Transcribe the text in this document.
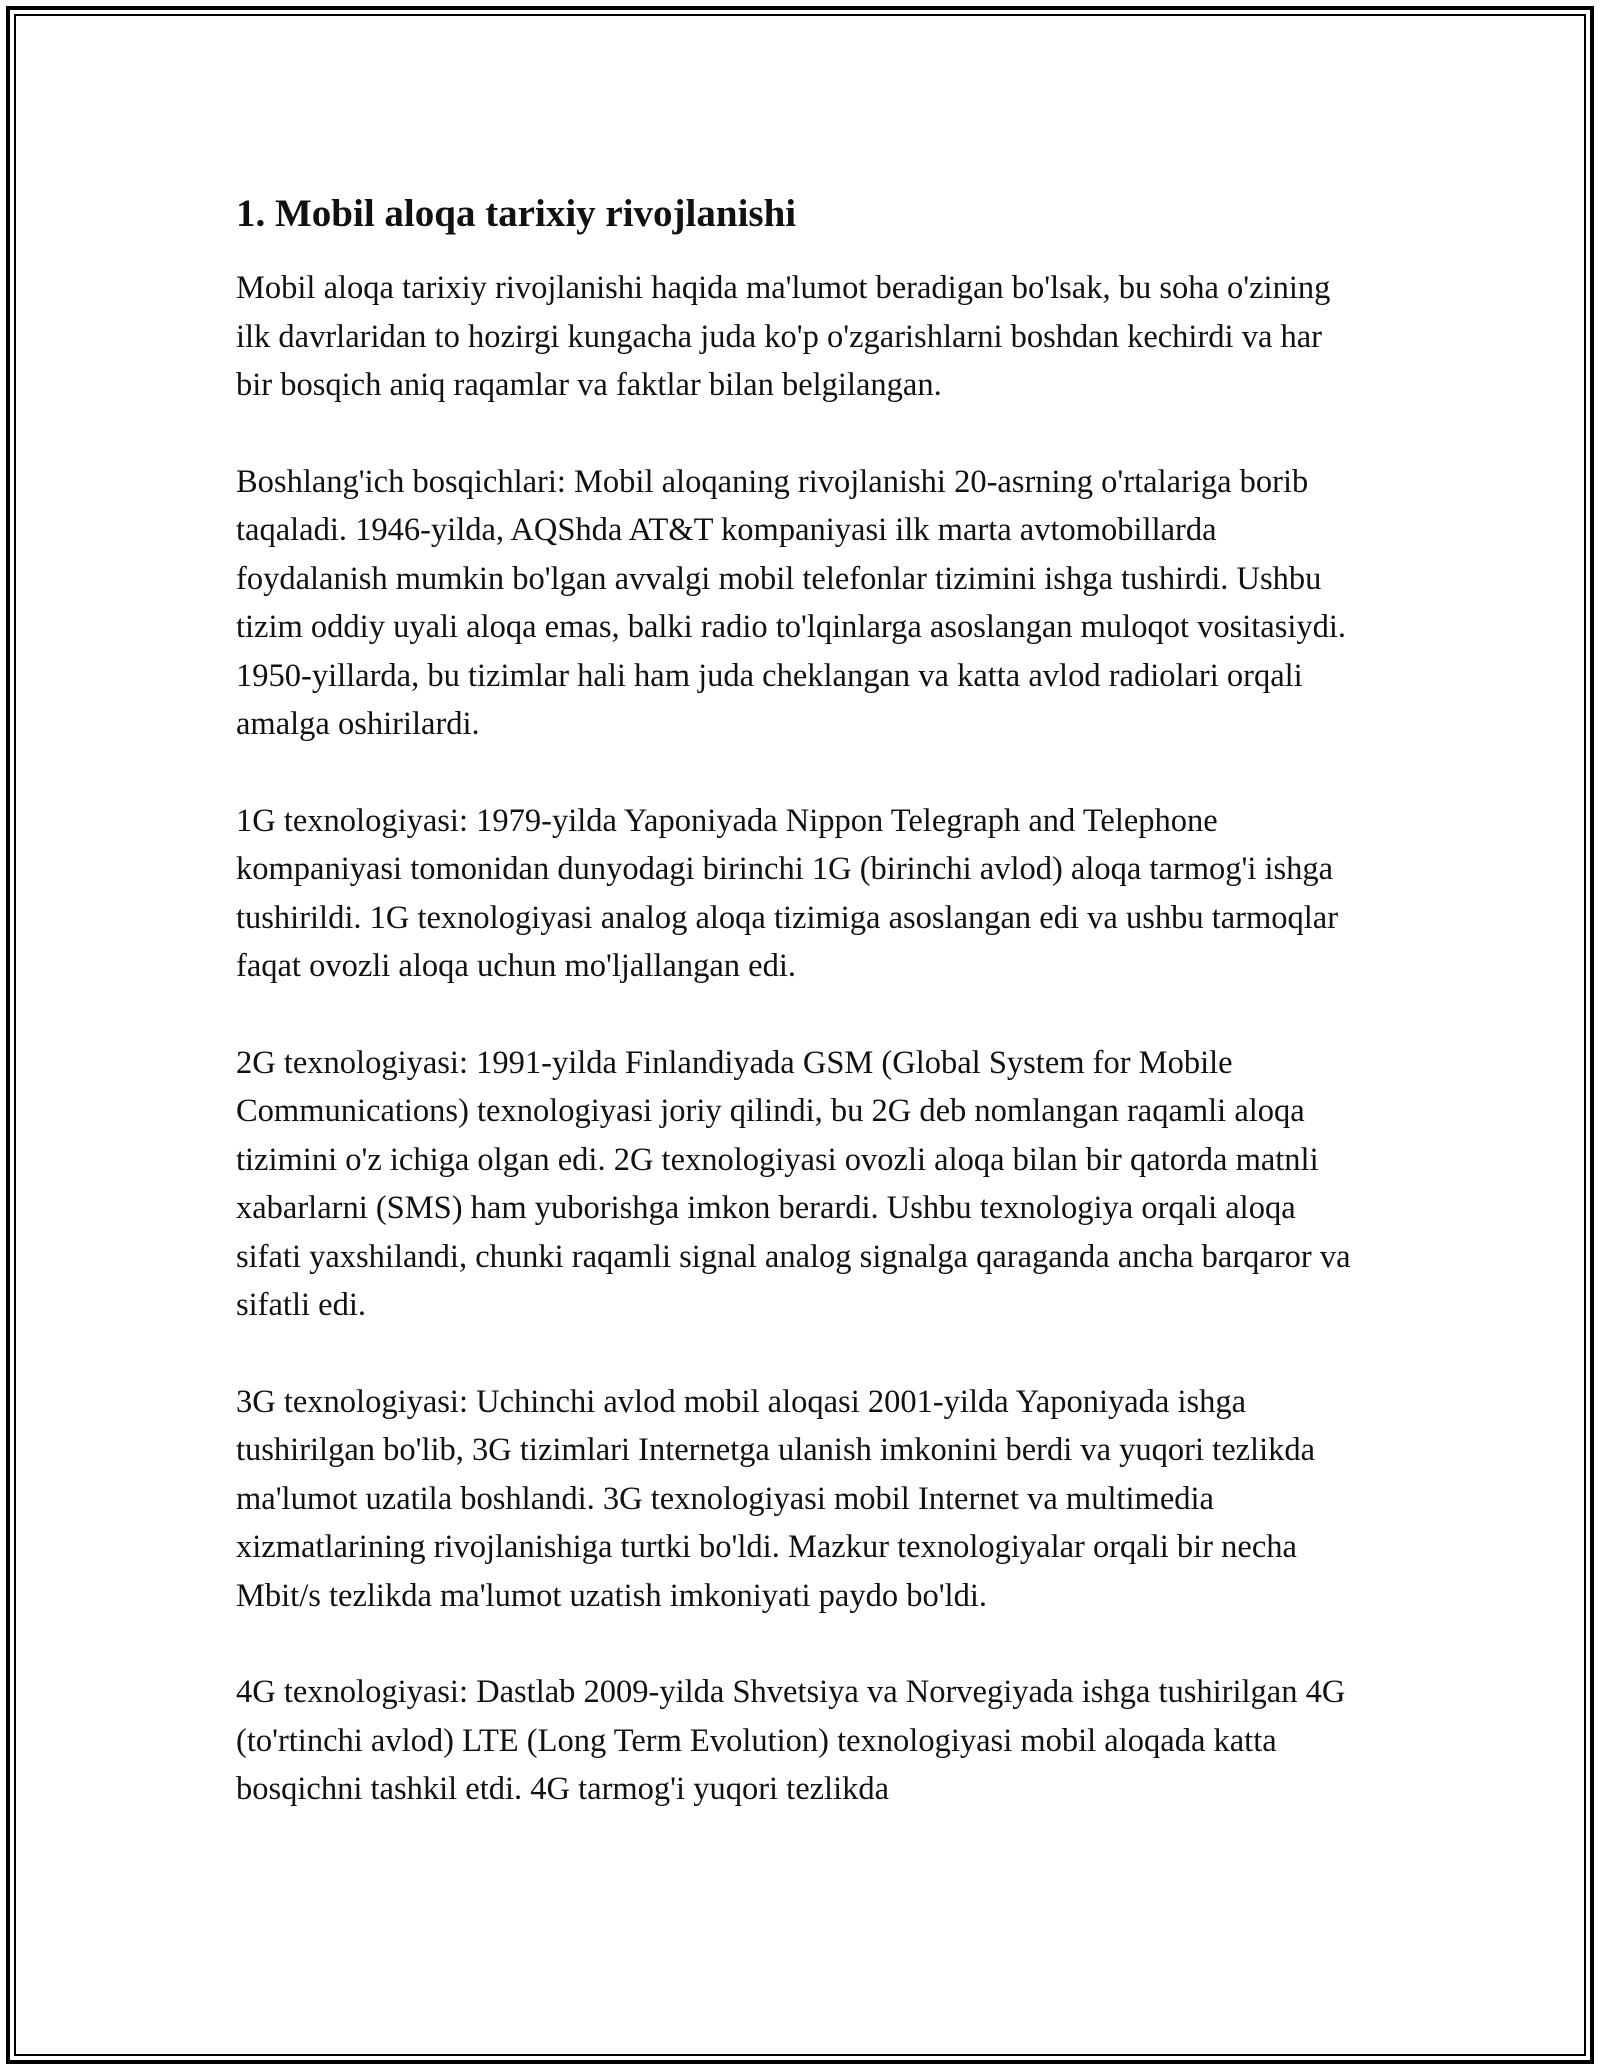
1. Mobil aloqa tarixiy rivojlanishi

Mobil aloqa tarixiy rivojlanishi haqida ma'lumot beradigan bo'lsak, bu soha o'zining ilk davrlaridan to hozirgi kungacha juda ko'p o'zgarishlarni boshdan kechirdi va har bir bosqich aniq raqamlar va faktlar bilan belgilangan.

Boshlang'ich bosqichlari: Mobil aloqaning rivojlanishi 20-asrning o'rtalariga borib taqaladi. 1946-yilda, AQShda AT&T kompaniyasi ilk marta avtomobillarda foydalanish mumkin bo'lgan avvalgi mobil telefonlar tizimini ishga tushirdi. Ushbu tizim oddiy uyali aloqa emas, balki radio to'lqinlarga asoslangan muloqot vositasiydi. 1950-yillarda, bu tizimlar hali ham juda cheklangan va katta avlod radiolari orqali amalga oshirilardi.

1G texnologiyasi: 1979-yilda Yaponiyada Nippon Telegraph and Telephone kompaniyasi tomonidan dunyodagi birinchi 1G (birinchi avlod) aloqa tarmog'i ishga tushirildi. 1G texnologiyasi analog aloqa tizimiga asoslangan edi va ushbu tarmoqlar faqat ovozli aloqa uchun mo'ljallangan edi.

2G texnologiyasi: 1991-yilda Finlandiyada GSM (Global System for Mobile Communications) texnologiyasi joriy qilindi, bu 2G deb nomlangan raqamli aloqa tizimini o'z ichiga olgan edi. 2G texnologiyasi ovozli aloqa bilan bir qatorda matnli xabarlarni (SMS) ham yuborishga imkon berardi. Ushbu texnologiya orqali aloqa sifati yaxshilandi, chunki raqamli signal analog signalga qaraganda ancha barqaror va sifatli edi.

3G texnologiyasi: Uchinchi avlod mobil aloqasi 2001-yilda Yaponiyada ishga tushirilgan bo'lib, 3G tizimlari Internetga ulanish imkonini berdi va yuqori tezlikda ma'lumot uzatila boshlandi. 3G texnologiyasi mobil Internet va multimedia xizmatlarining rivojlanishiga turtki bo'ldi. Mazkur texnologiyalar orqali bir necha Mbit/s tezlikda ma'lumot uzatish imkoniyati paydo bo'ldi.

4G texnologiyasi: Dastlab 2009-yilda Shvetsiya va Norvegiyada ishga tushirilgan 4G (to'rtinchi avlod) LTE (Long Term Evolution) texnologiyasi mobil aloqada katta bosqichni tashkil etdi. 4G tarmog'i yuqori tezlikda
